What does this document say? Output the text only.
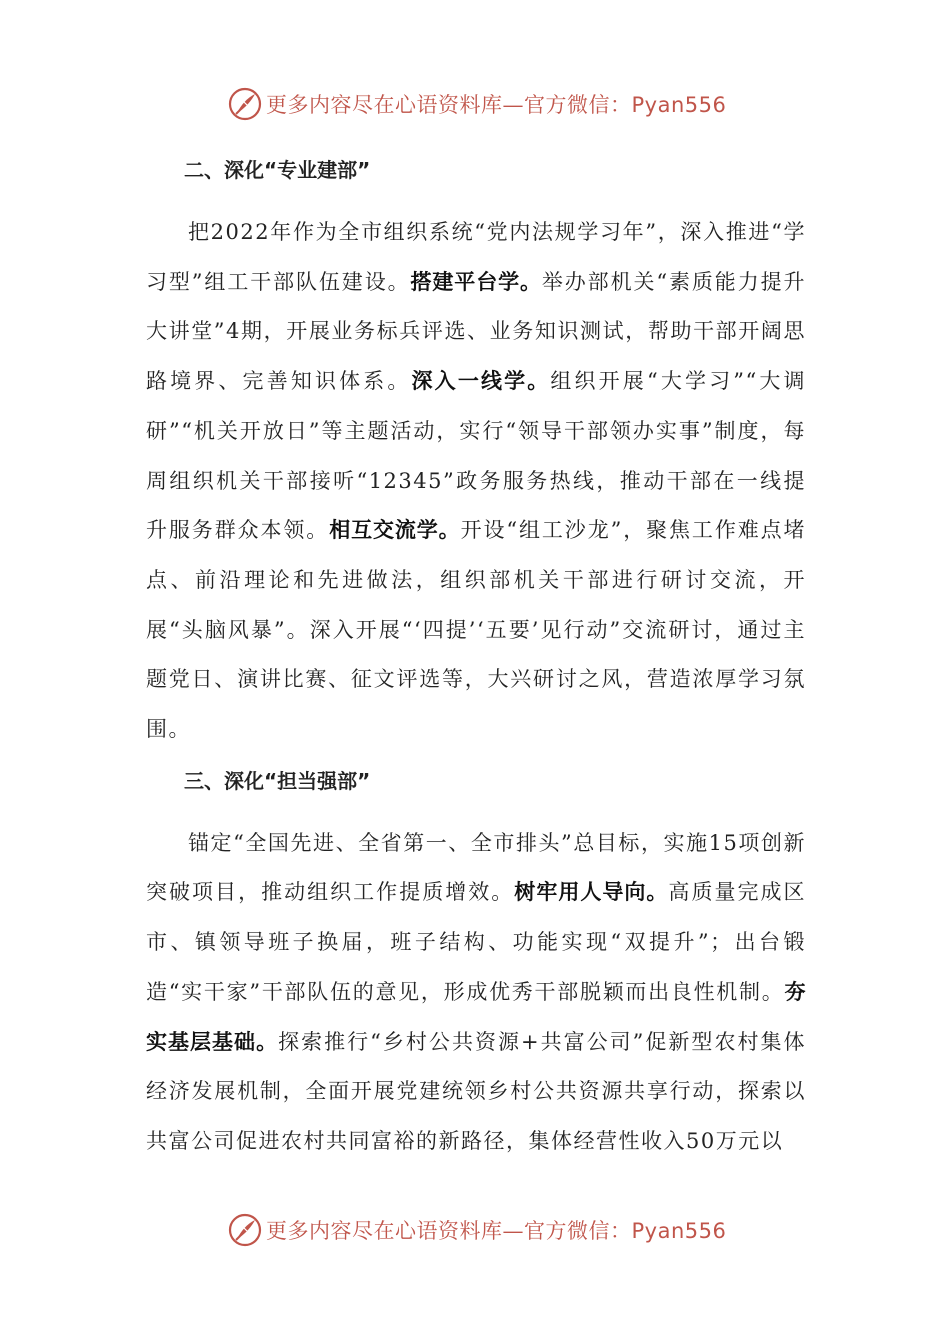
更多内容尽在心语资料库—官方微信：Pyan556
二、深化“专业建部”

把2022年作为全市组织系统“党内法规学习年”，深入推进“学习型”组工干部队伍建设。搭建平台学。举办部机关“素质能力提升大讲堂”4期，开展业务标兵评选、业务知识测试，帮助干部开阔思路境界、完善知识体系。深入一线学。组织开展“大学习”“大调研”“机关开放日”等主题活动，实行“领导干部领办实事”制度，每周组织机关干部接听“12345”政务服务热线，推动干部在一线提升服务群众本领。相互交流学。开设“组工沙龙”，聚焦工作难点堵点、前沿理论和先进做法，组织部机关干部进行研讨交流，开展“头脑风暴”。深入开展“‘四提’‘五要’见行动”交流研讨，通过主题党日、演讲比赛、征文评选等，大兴研讨之风，营造浓厚学习氛围。

三、深化“担当强部”

锚定“全国先进、全省第一、全市排头”总目标，实施15项创新突破项目，推动组织工作提质增效。树牢用人导向。高质量完成区市、镇领导班子换届，班子结构、功能实现“双提升”；出台锻造“实干家”干部队伍的意见，形成优秀干部脱颖而出良性机制。夯实基层基础。探索推行“乡村公共资源+共富公司”促新型农村集体经济发展机制，全面开展党建统领乡村公共资源共享行动，探索以共富公司促进农村共同富裕的新路径，集体经营性收入50万元以

更多内容尽在心语资料库—官方微信：Pyan556
